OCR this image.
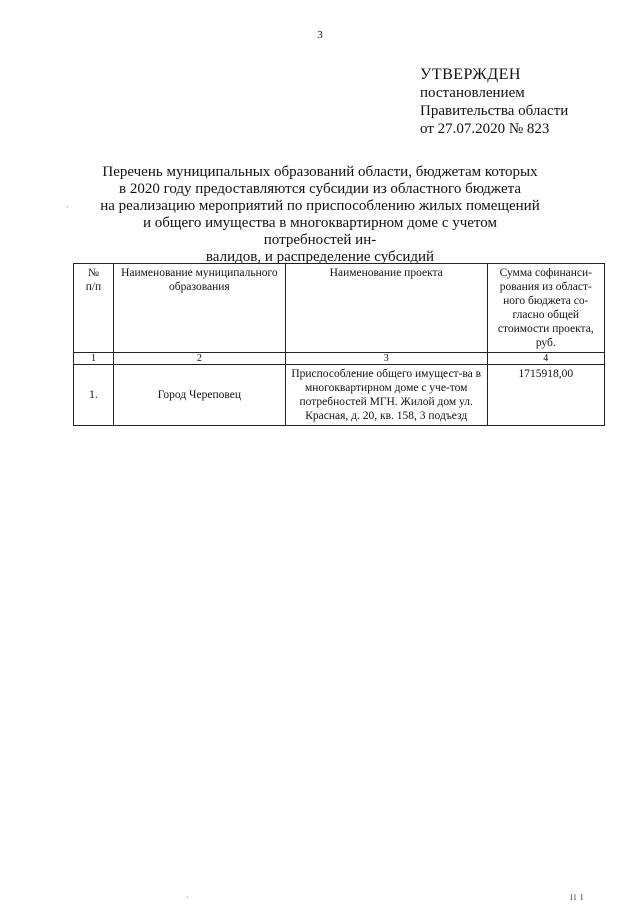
3
УТВЕРЖДЕН
постановлением
Правительства области
от 27.07.2020 № 823
Перечень муниципальных образований области, бюджетам которых
в 2020 году предоставляются субсидии из областного бюджета
на реализацию мероприятий по приспособлению жилых помещений
и общего имущества в многоквартирном доме с учетом потребностей ин-
валидов, и распределение субсидий
·
·
№
п/п	Наименование муниципального образования	Наименование проекта	Сумма софинанси-рования из област-ного бюджета со-гласно общей стоимости проекта, руб.
1	2	3	4
1.	Город Череповец	Приспособление общего имущест-ва в многоквартирном доме с уче-том потребностей МГН. Жилой дом ул. Красная, д. 20, кв. 158, 3 подъезд	1715918,00
II I
